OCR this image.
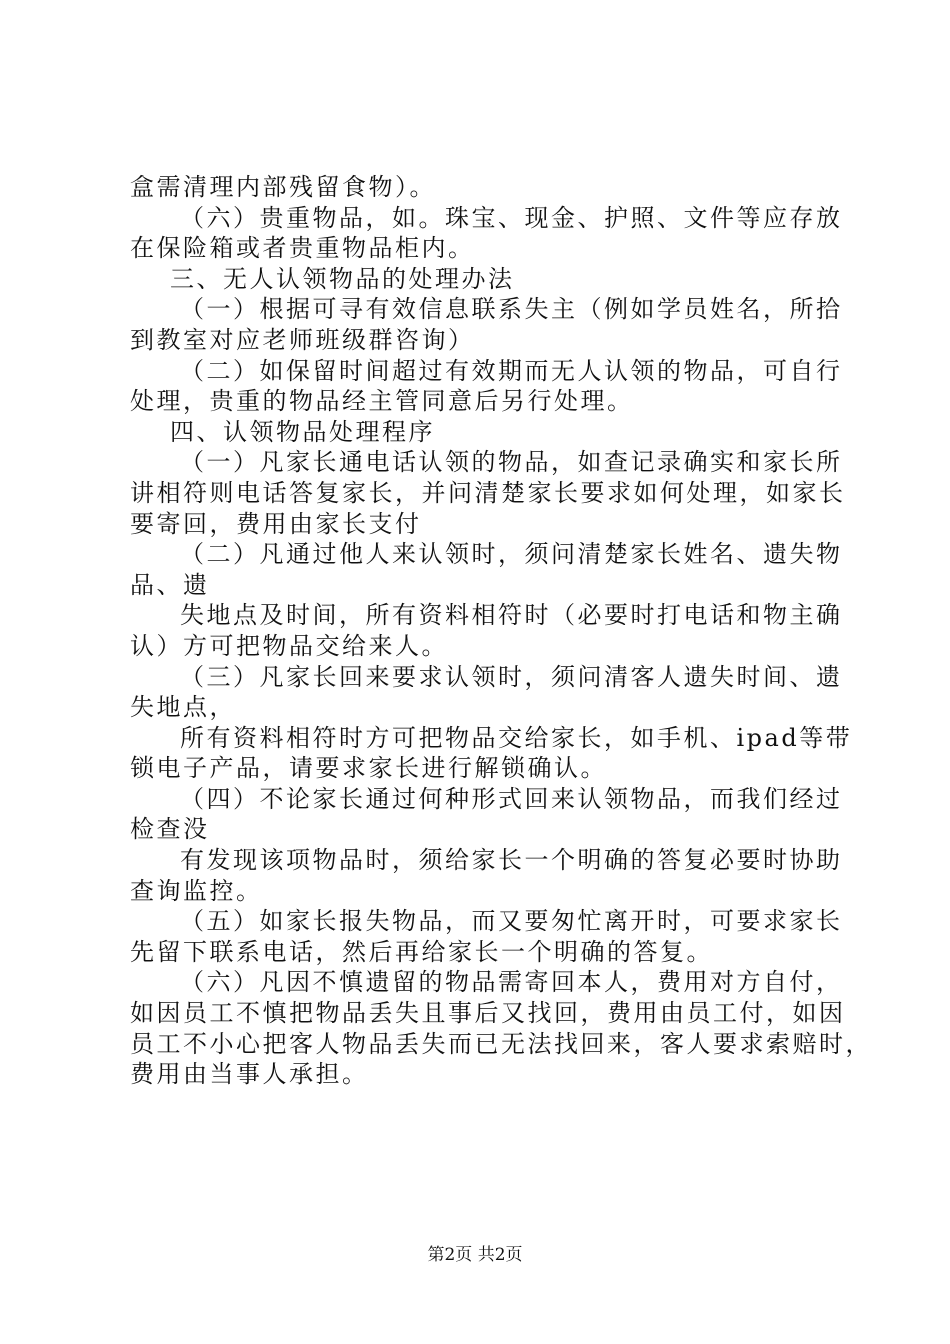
盒需清理内部残留食物）。
（六）贵重物品，如。珠宝、现金、护照、文件等应存放
在保险箱或者贵重物品柜内。
三、无人认领物品的处理办法
（一）根据可寻有效信息联系失主（例如学员姓名，所拾
到教室对应老师班级群咨询）
（二）如保留时间超过有效期而无人认领的物品，可自行
处理，贵重的物品经主管同意后另行处理。
四、认领物品处理程序
（一）凡家长通电话认领的物品，如查记录确实和家长所
讲相符则电话答复家长，并问清楚家长要求如何处理，如家长
要寄回，费用由家长支付
（二）凡通过他人来认领时，须问清楚家长姓名、遗失物
品、遗
失地点及时间，所有资料相符时（必要时打电话和物主确
认）方可把物品交给来人。
（三）凡家长回来要求认领时，须问清客人遗失时间、遗
失地点，
所有资料相符时方可把物品交给家长，如手机、ipad等带
锁电子产品，请要求家长进行解锁确认。
（四）不论家长通过何种形式回来认领物品，而我们经过
检查没
有发现该项物品时，须给家长一个明确的答复必要时协助
查询监控。
（五）如家长报失物品，而又要匆忙离开时，可要求家长
先留下联系电话，然后再给家长一个明确的答复。
（六）凡因不慎遗留的物品需寄回本人，费用对方自付，
如因员工不慎把物品丢失且事后又找回，费用由员工付，如因
员工不小心把客人物品丢失而已无法找回来，客人要求索赔时，
费用由当事人承担。
第2页 共2页
